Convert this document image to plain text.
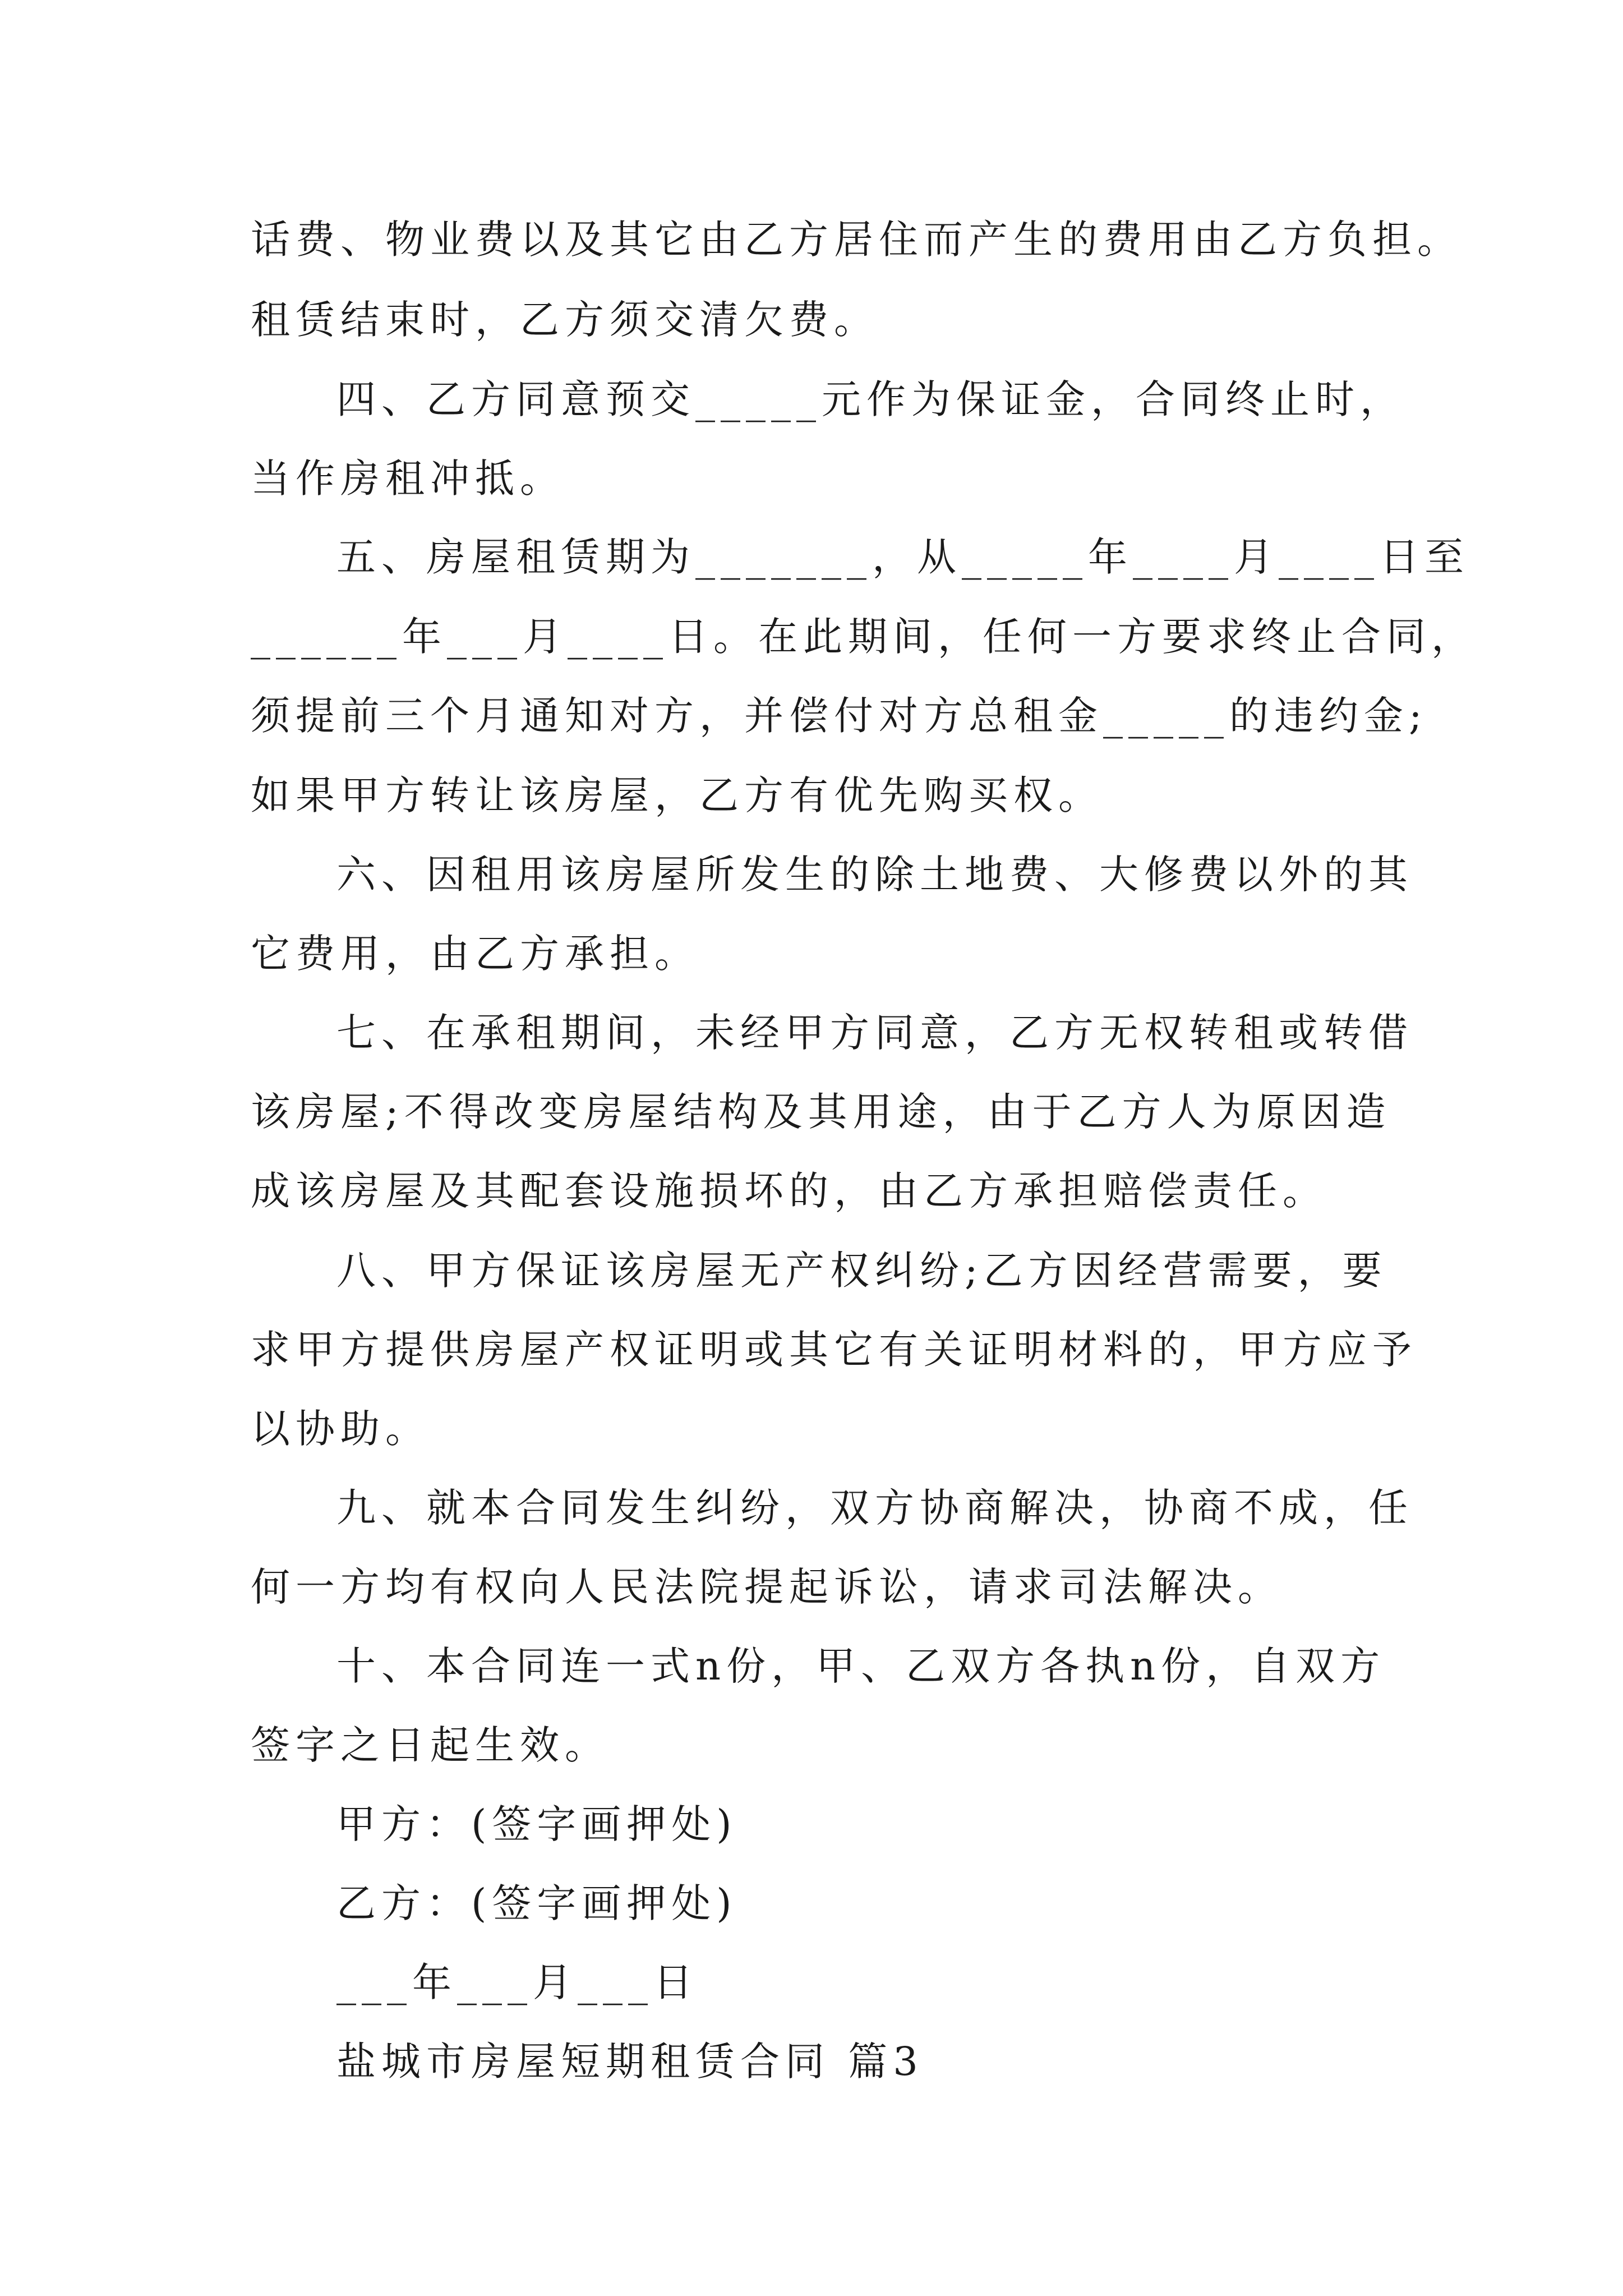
话费、物业费以及其它由乙方居住而产生的费用由乙方负担。
租赁结束时，乙方须交清欠费。
四、乙方同意预交_____元作为保证金，合同终止时，
当作房租冲抵。
五、房屋租赁期为_______，从_____年____月____日至
______年___月____日。在此期间，任何一方要求终止合同，
须提前三个月通知对方，并偿付对方总租金_____的违约金;
如果甲方转让该房屋，乙方有优先购买权。
六、因租用该房屋所发生的除土地费、大修费以外的其
它费用，由乙方承担。
七、在承租期间，未经甲方同意，乙方无权转租或转借
该房屋;不得改变房屋结构及其用途，由于乙方人为原因造
成该房屋及其配套设施损坏的，由乙方承担赔偿责任。
八、甲方保证该房屋无产权纠纷;乙方因经营需要，要
求甲方提供房屋产权证明或其它有关证明材料的，甲方应予
以协助。
九、就本合同发生纠纷，双方协商解决，协商不成，任
何一方均有权向人民法院提起诉讼，请求司法解决。
十、本合同连一式n份，甲、乙双方各执n份，自双方
签字之日起生效。
甲方：(签字画押处)
乙方：(签字画押处)
___年___月___日
盐城市房屋短期租赁合同 篇3
